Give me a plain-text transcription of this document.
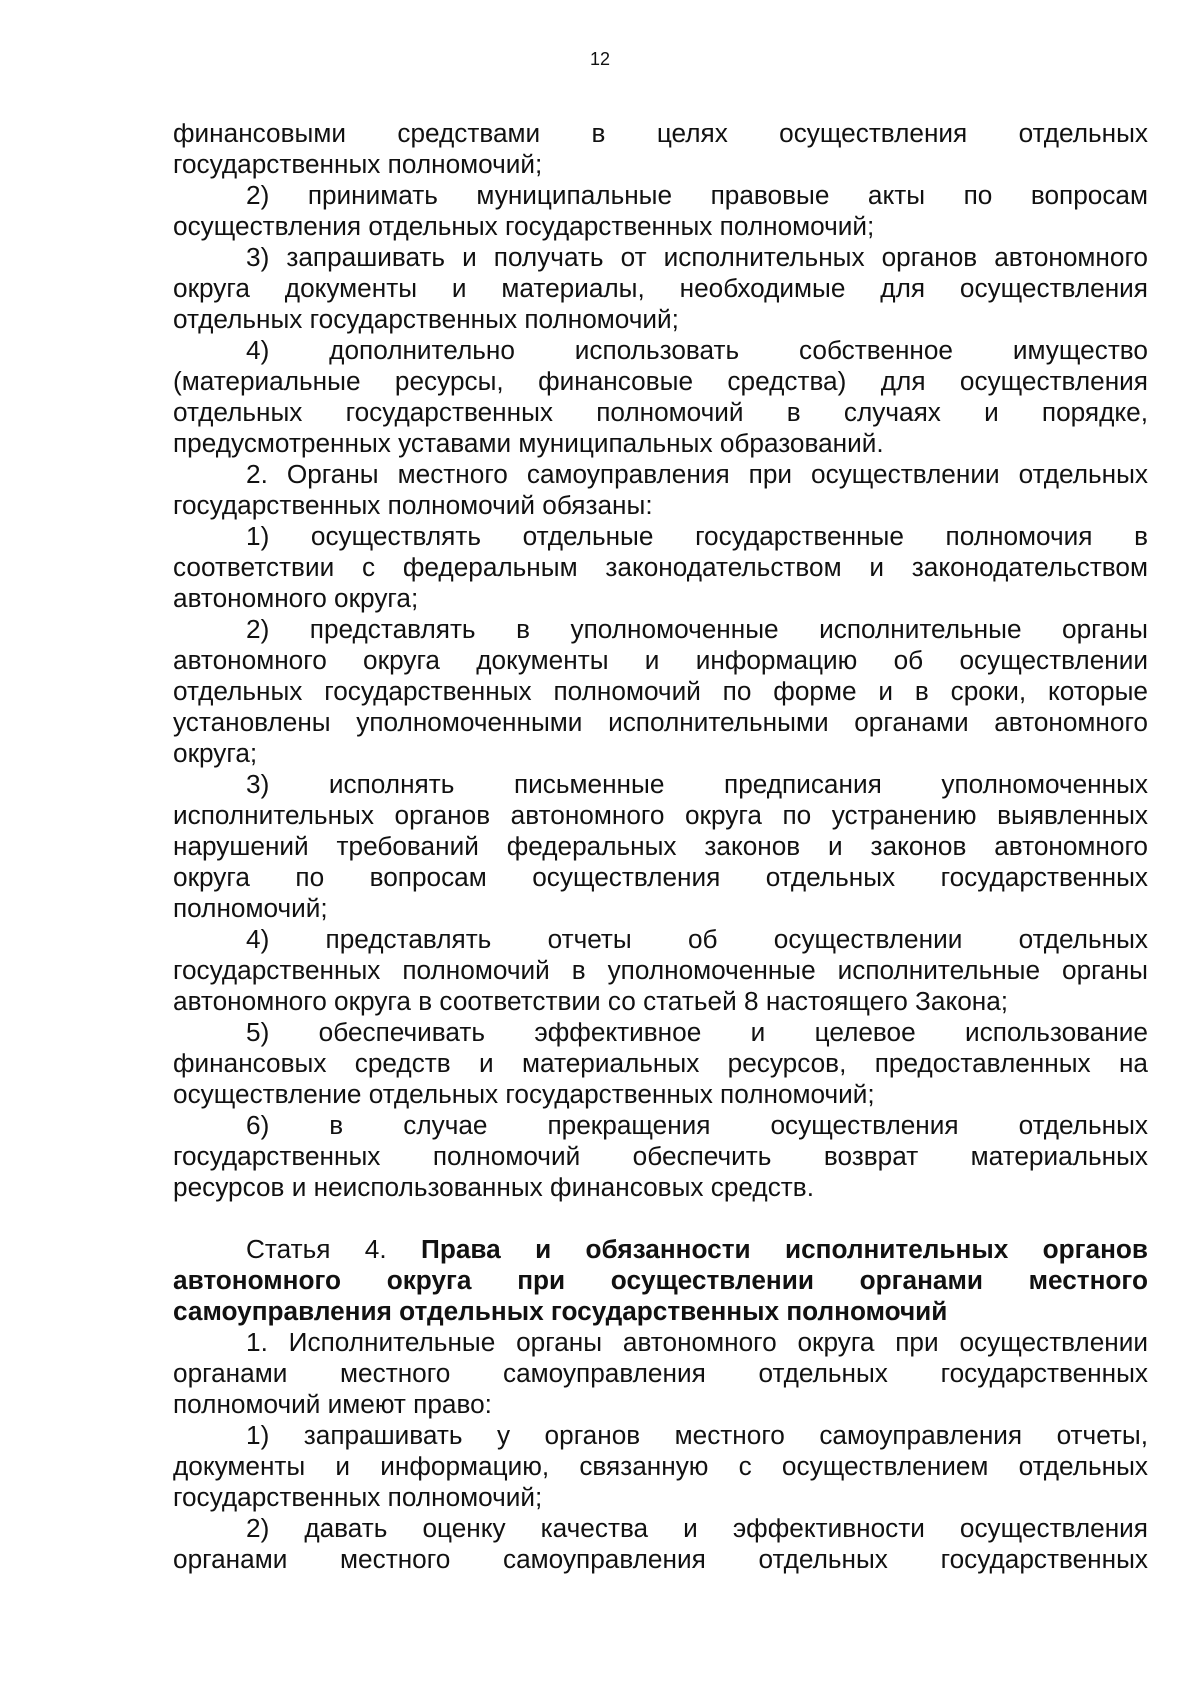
12
финансовыми средствами в целях осуществления отдельных
государственных полномочий;
2) принимать муниципальные правовые акты по вопросам
осуществления отдельных государственных полномочий;
3) запрашивать и получать от исполнительных органов автономного
округа документы и материалы, необходимые для осуществления
отдельных государственных полномочий;
4) дополнительно использовать собственное имущество
(материальные ресурсы, финансовые средства) для осуществления
отдельных государственных полномочий в случаях и порядке,
предусмотренных уставами муниципальных образований.
2. Органы местного самоуправления при осуществлении отдельных
государственных полномочий обязаны:
1) осуществлять отдельные государственные полномочия в
соответствии с федеральным законодательством и законодательством
автономного округа;
2) представлять в уполномоченные исполнительные органы
автономного округа документы и информацию об осуществлении
отдельных государственных полномочий по форме и в сроки, которые
установлены уполномоченными исполнительными органами автономного
округа;
3) исполнять письменные предписания уполномоченных
исполнительных органов автономного округа по устранению выявленных
нарушений требований федеральных законов и законов автономного
округа по вопросам осуществления отдельных государственных
полномочий;
4) представлять отчеты об осуществлении отдельных
государственных полномочий в уполномоченные исполнительные органы
автономного округа в соответствии со статьей 8 настоящего Закона;
5) обеспечивать эффективное и целевое использование
финансовых средств и материальных ресурсов, предоставленных на
осуществление отдельных государственных полномочий;
6) в случае прекращения осуществления отдельных
государственных полномочий обеспечить возврат материальных
ресурсов и неиспользованных финансовых средств.
Статья 4. Права и обязанности исполнительных органов
автономного округа при осуществлении органами местного
самоуправления отдельных государственных полномочий
1. Исполнительные органы автономного округа при осуществлении
органами местного самоуправления отдельных государственных
полномочий имеют право:
1) запрашивать у органов местного самоуправления отчеты,
документы и информацию, связанную с осуществлением отдельных
государственных полномочий;
2) давать оценку качества и эффективности осуществления
органами местного самоуправления отдельных государственных
